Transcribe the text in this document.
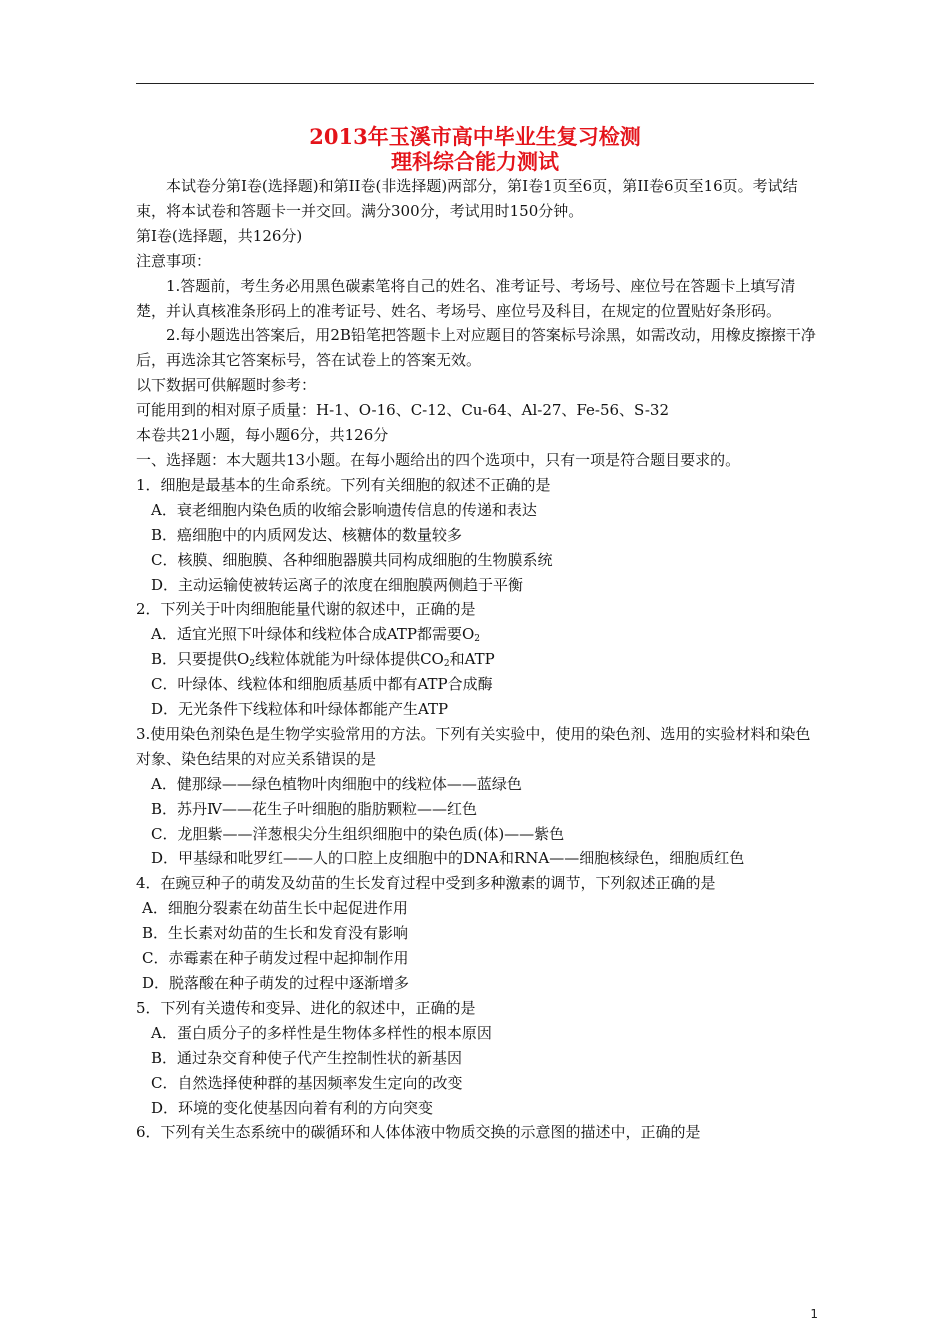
2013年玉溪市高中毕业生复习检测
理科综合能力测试

本试卷分第Ⅰ卷(选择题)和第II卷(非选择题)两部分，第Ⅰ卷1页至6页，第II卷6页至16页。考试结束，将本试卷和答题卡一并交回。满分300分，考试用时150分钟。

第Ⅰ卷(选择题，共126分)

注意事项：

1.答题前，考生务必用黑色碳素笔将自己的姓名、准考证号、考场号、座位号在答题卡上填写清楚，并认真核准条形码上的准考证号、姓名、考场号、座位号及科目，在规定的位置贴好条形码。

2.每小题选出答案后，用2B铅笔把答题卡上对应题目的答案标号涂黑，如需改动，用橡皮擦擦干净后，再选涂其它答案标号，答在试卷上的答案无效。

以下数据可供解题时参考：

可能用到的相对原子质量：H-1、O-16、C-12、Cu-64、Al-27、Fe-56、S-32

本卷共21小题，每小题6分，共126分

一、选择题：本大题共13小题。在每小题给出的四个选项中，只有一项是符合题目要求的。

1．细胞是最基本的生命系统。下列有关细胞的叙述不正确的是

A．衰老细胞内染色质的收缩会影响遗传信息的传递和表达

B．癌细胞中的内质网发达、核糖体的数量较多

C．核膜、细胞膜、各种细胞器膜共同构成细胞的生物膜系统

D．主动运输使被转运离子的浓度在细胞膜两侧趋于平衡

2．下列关于叶肉细胞能量代谢的叙述中，正确的是

A．适宜光照下叶绿体和线粒体合成ATP都需要$O_2$

B．只要提供$O_2$线粒体就能为叶绿体提供$CO_2$和ATP

C．叶绿体、线粒体和细胞质基质中都有ATP合成酶

D．无光条件下线粒体和叶绿体都能产生ATP

3.使用染色剂染色是生物学实验常用的方法。下列有关实验中，使用的染色剂、选用的实验材料和染色对象、染色结果的对应关系错误的是

A．健那绿——绿色植物叶肉细胞中的线粒体——蓝绿色

B．苏丹Ⅳ——花生子叶细胞的脂肪颗粒——红色

C．龙胆紫——洋葱根尖分生组织细胞中的染色质(体)——紫色

D．甲基绿和吡罗红——人的口腔上皮细胞中的DNA和RNA——细胞核绿色，细胞质红色

4．在豌豆种子的萌发及幼苗的生长发育过程中受到多种激素的调节，下列叙述正确的是

A．细胞分裂素在幼苗生长中起促进作用

B．生长素对幼苗的生长和发育没有影响

C．赤霉素在种子萌发过程中起抑制作用

D．脱落酸在种子萌发的过程中逐渐增多

5．下列有关遗传和变异、进化的叙述中，正确的是

A．蛋白质分子的多样性是生物体多样性的根本原因

B．通过杂交育种使子代产生控制性状的新基因

C．自然选择使种群的基因频率发生定向的改变

D．环境的变化使基因向着有利的方向突变

6．下列有关生态系统中的碳循环和人体体液中物质交换的示意图的描述中，正确的是

1
